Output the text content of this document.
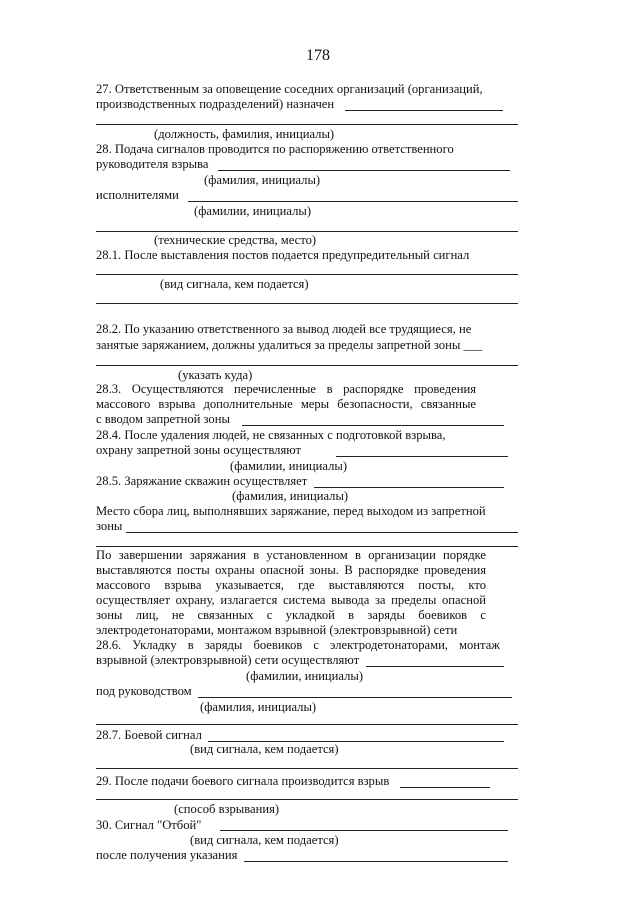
178
27. Ответственным за оповещение соседних организаций (организаций,
производственных подразделений) назначен
(должность, фамилия, инициалы)
28. Подача сигналов проводится по распоряжению ответственного
руководителя взрыва
(фамилия, инициалы)
исполнителями
(фамилии, инициалы)
(технические средства, место)
28.1. После выставления постов подается предупредительный сигнал
(вид сигнала, кем подается)
28.2. По указанию ответственного за вывод людей все трудящиеся, не
занятые заряжанием, должны удалиться за пределы запретной зоны ___
(указать куда)
28.3. Осуществляются перечисленные в распорядке проведения
массового взрыва дополнительные меры безопасности, связанные
с вводом запретной зоны
28.4. После удаления людей, не связанных с подготовкой взрыва,
охрану запретной зоны осуществляют
(фамилии, инициалы)
28.5. Заряжание скважин осуществляет
(фамилия, инициалы)
Место сбора лиц, выполнявших заряжание, перед выходом из запретной
зоны
По завершении заряжания в установленном в организации порядке
выставляются посты охраны опасной зоны. В распорядке проведения
массового взрыва указывается, где выставляются посты, кто
осуществляет охрану, излагается система вывода за пределы опасной
зоны лиц, не связанных с укладкой в заряды боевиков с
электродетонаторами, монтажом взрывной (электровзрывной) сети
28.6. Укладку в заряды боевиков с электродетонаторами, монтаж
взрывной (электровзрывной) сети осуществляют
(фамилии, инициалы)
под руководством
(фамилия, инициалы)
28.7. Боевой сигнал
(вид сигнала, кем подается)
29. После подачи боевого сигнала производится взрыв
(способ взрывания)
30. Сигнал "Отбой"
(вид сигнала, кем подается)
после получения указания
